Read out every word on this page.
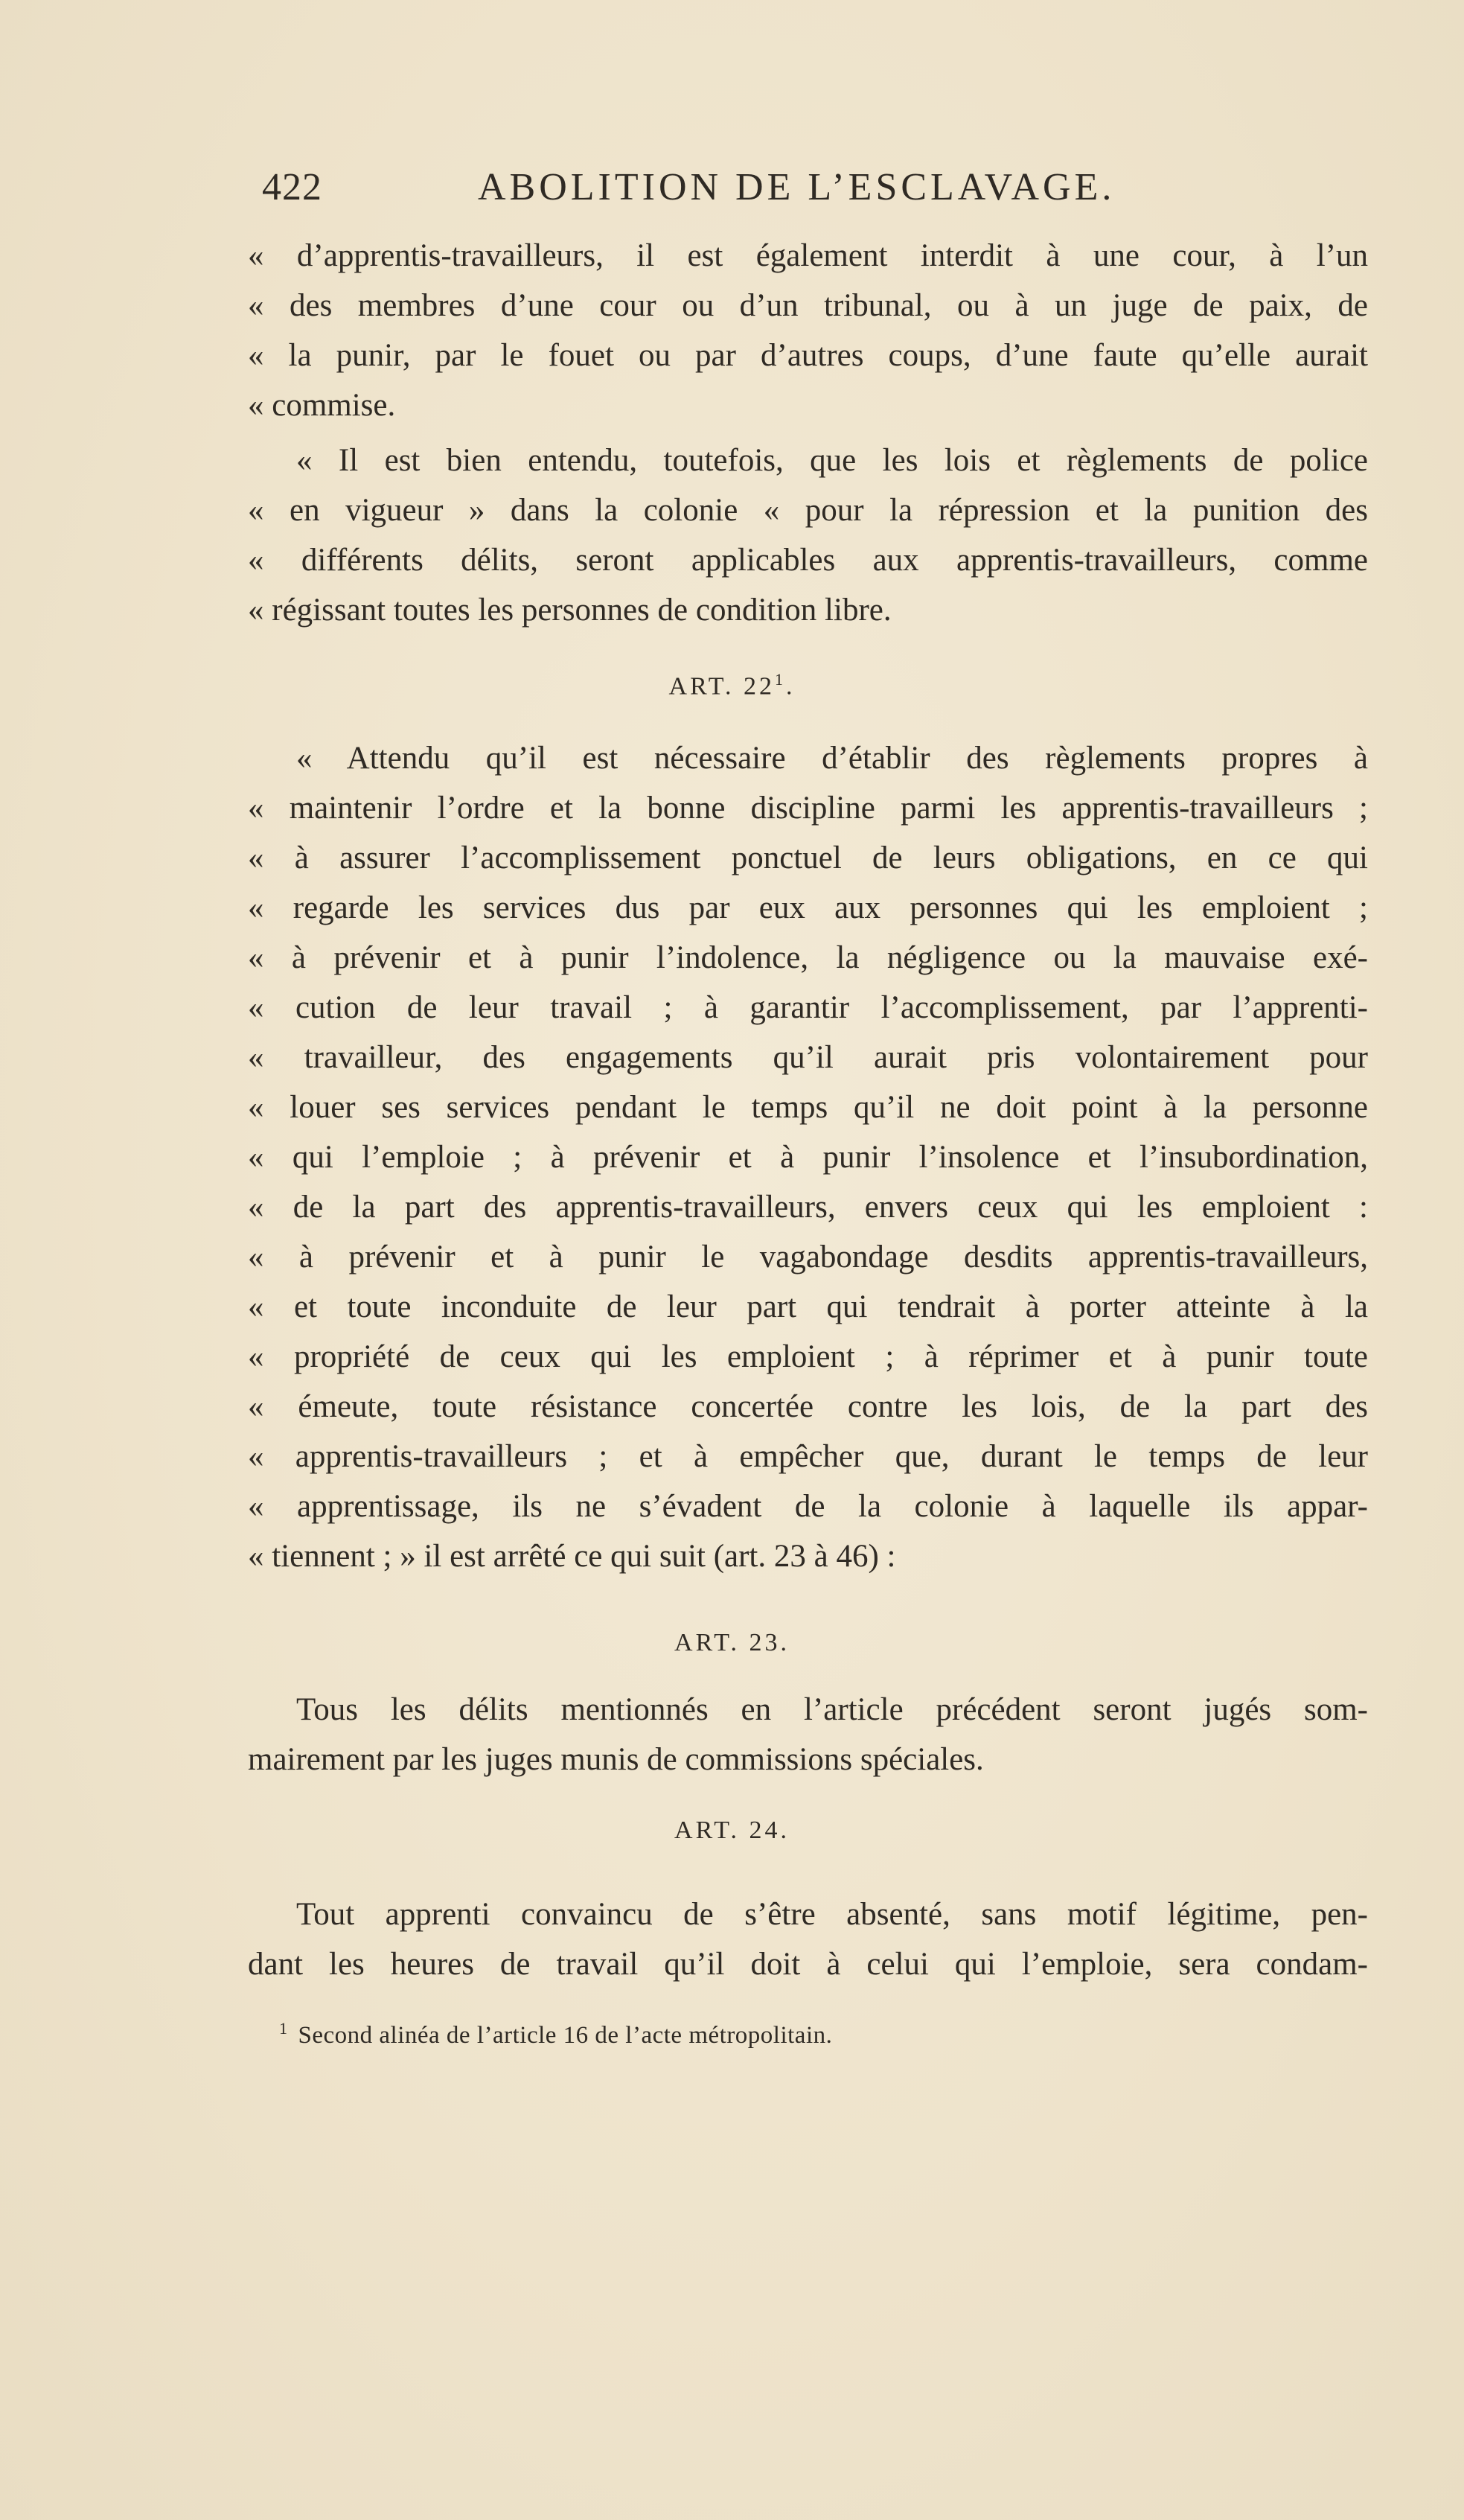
422	ABOLITION DE L’ESCLAVAGE.
« d’apprentis-travailleurs, il est également interdit à une cour, à l’un
« des membres d’une cour ou d’un tribunal, ou à un juge de paix, de
« la punir, par le fouet ou par d’autres coups, d’une faute qu’elle aurait
« commise.
« Il est bien entendu, toutefois, que les lois et règlements de police
« en vigueur » dans la colonie « pour la répression et la punition des
« différents délits, seront applicables aux apprentis-travailleurs, comme
« régissant toutes les personnes de condition libre.
ART. $22^1$.
« Attendu qu’il est nécessaire d’établir des règlements propres à
« maintenir l’ordre et la bonne discipline parmi les apprentis-travailleurs ;
« à assurer l’accomplissement ponctuel de leurs obligations, en ce qui
« regarde les services dus par eux aux personnes qui les emploient ;
« à prévenir et à punir l’indolence, la négligence ou la mauvaise exé-
« cution de leur travail ; à garantir l’accomplissement, par l’apprenti-
« travailleur, des engagements qu’il aurait pris volontairement pour
« louer ses services pendant le temps qu’il ne doit point à la personne
« qui l’emploie ; à prévenir et à punir l’insolence et l’insubordination,
« de la part des apprentis-travailleurs, envers ceux qui les emploient :
« à prévenir et à punir le vagabondage desdits apprentis-travailleurs,
« et toute inconduite de leur part qui tendrait à porter atteinte à la
« propriété de ceux qui les emploient ; à réprimer et à punir toute
« émeute, toute résistance concertée contre les lois, de la part des
« apprentis-travailleurs ; et à empêcher que, durant le temps de leur
« apprentissage, ils ne s’évadent de la colonie à laquelle ils appar-
« tiennent ; » il est arrêté ce qui suit (art. 23 à 46) :
ART. 23.
Tous les délits mentionnés en l’article précédent seront jugés som-
mairement par les juges munis de commissions spéciales.
ART. 24.
Tout apprenti convaincu de s’être absenté, sans motif légitime, pen-
dant les heures de travail qu’il doit à celui qui l’emploie, sera condam-
$^1$ Second alinéa de l’article 16 de l’acte métropolitain.
